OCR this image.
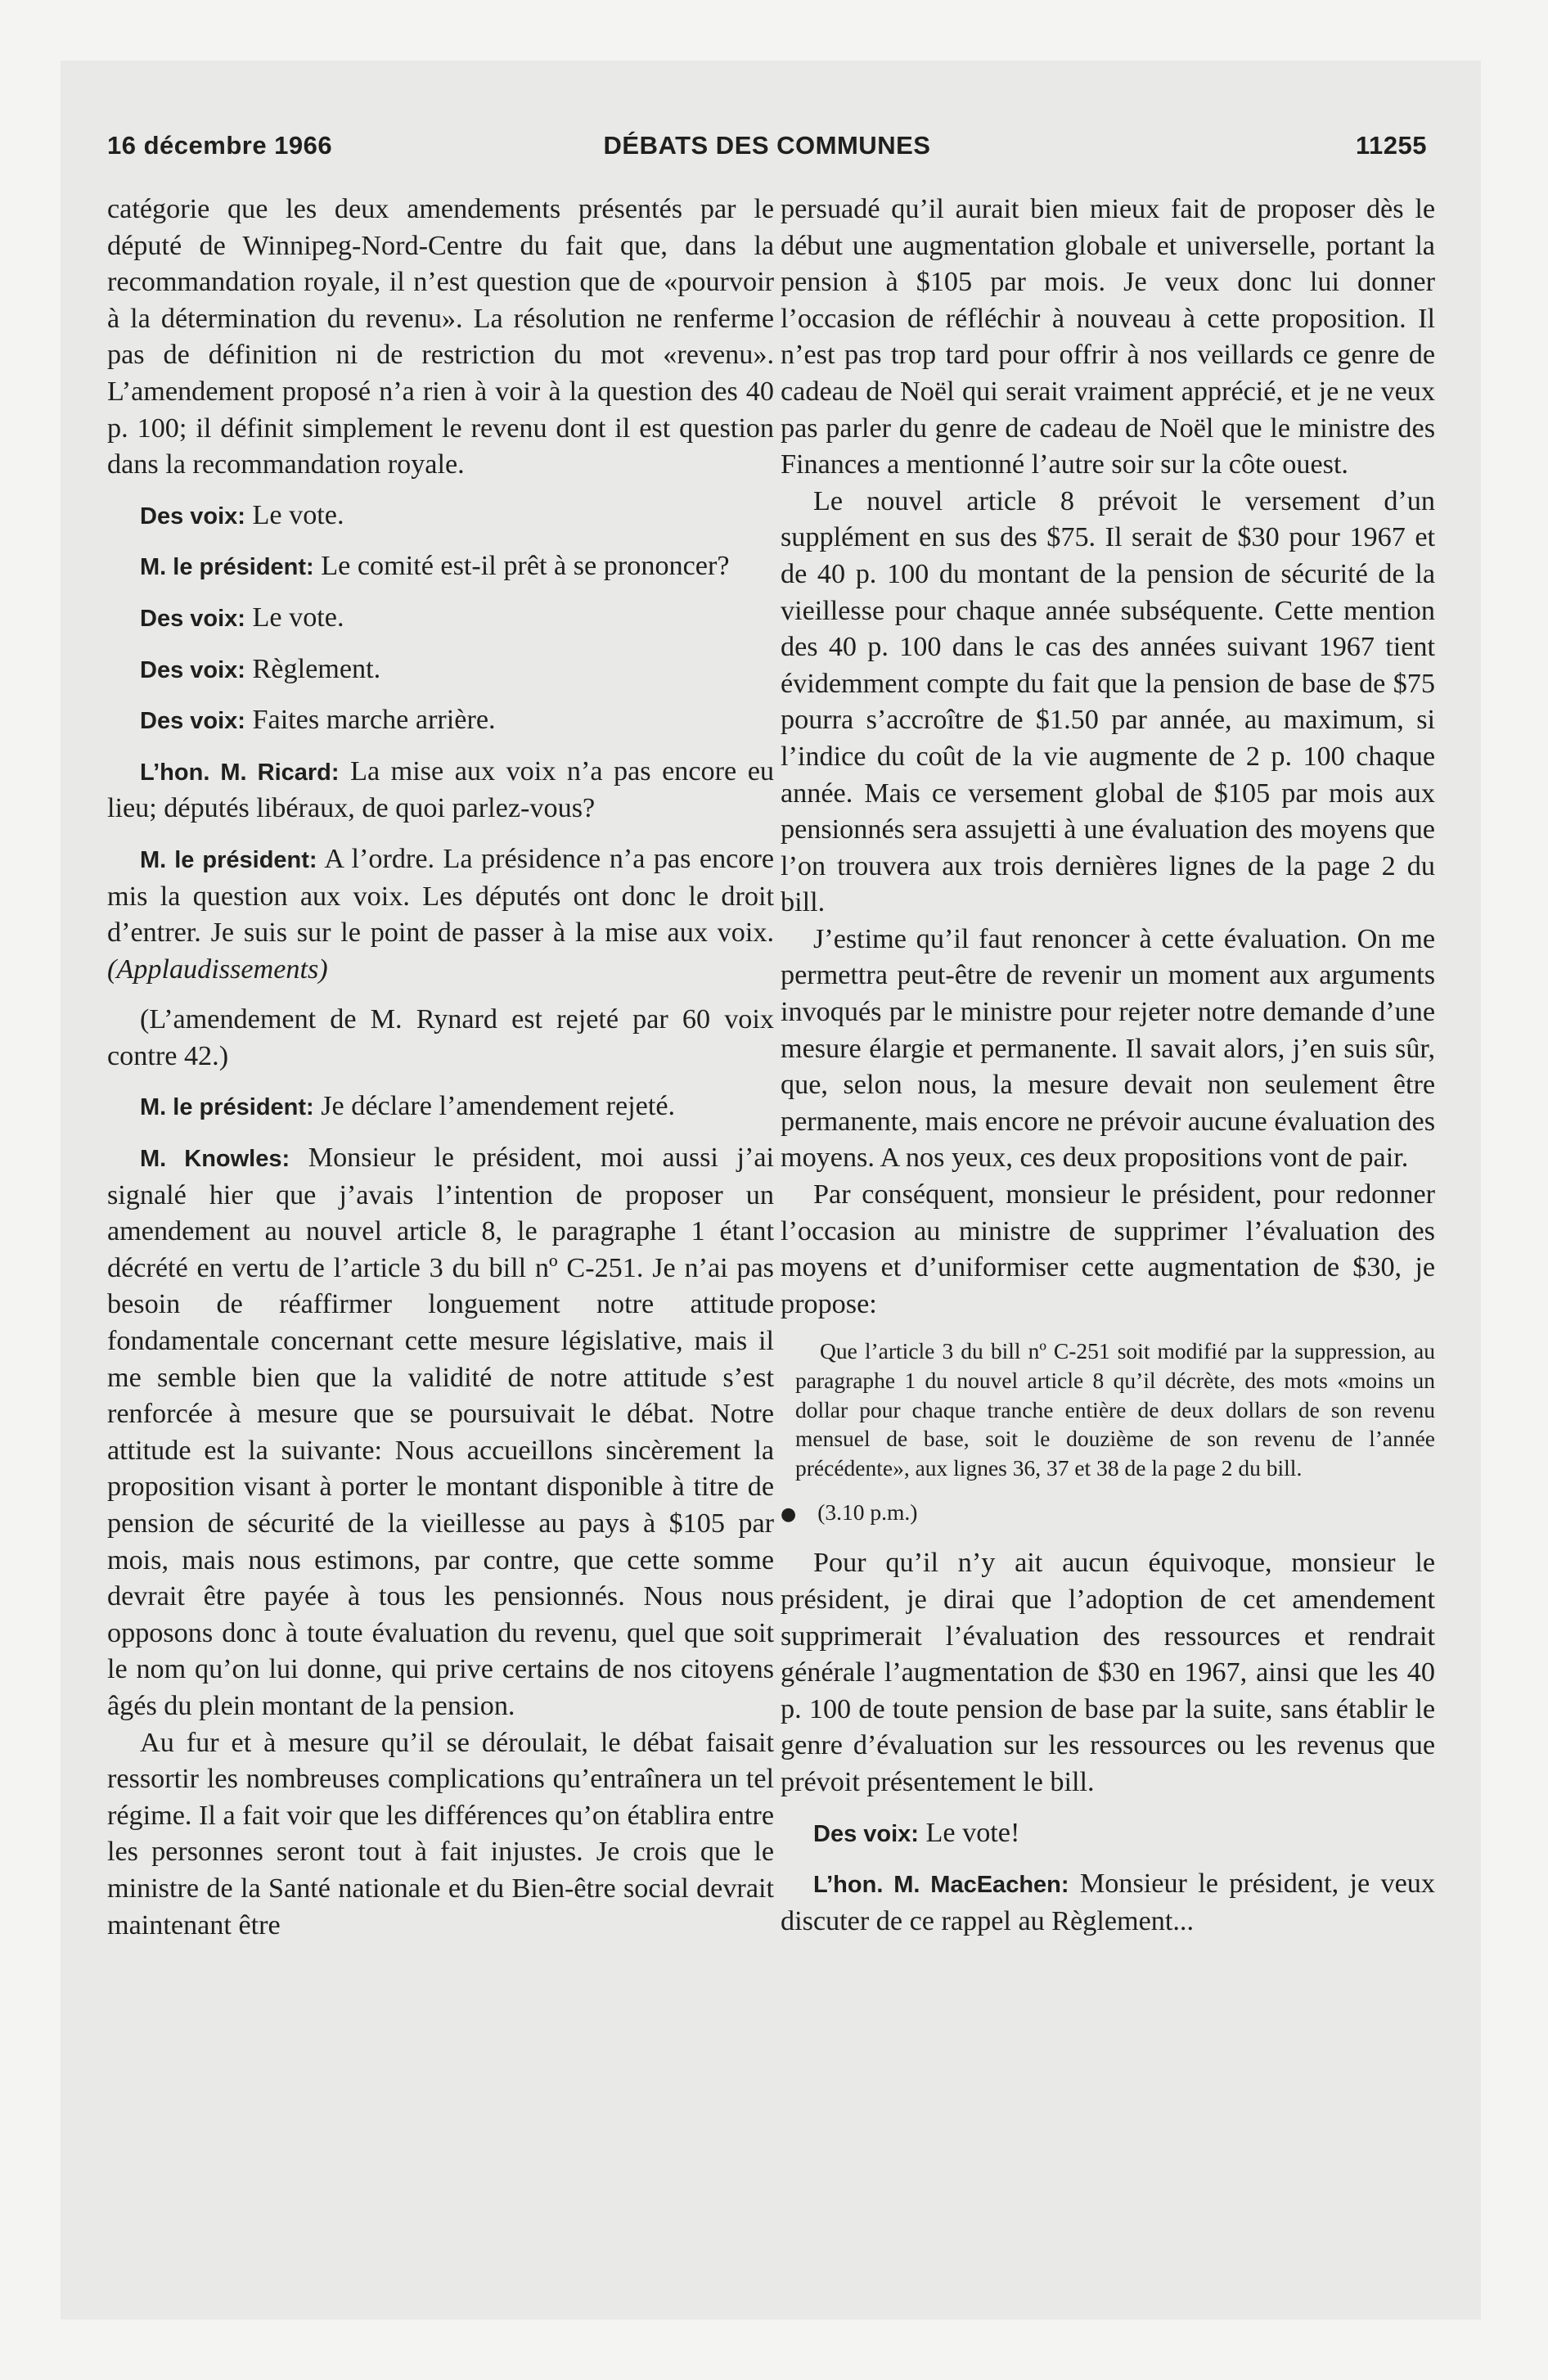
16 décembre 1966	DÉBATS DES COMMUNES	11255

catégorie que les deux amendements présentés par le député de Winnipeg-Nord-Centre du fait que, dans la recommandation royale, il n’est question que de «pourvoir à la détermination du revenu». La résolution ne renferme pas de définition ni de restriction du mot «revenu». L’amendement proposé n’a rien à voir à la question des 40 p. 100; il définit simplement le revenu dont il est question dans la recommandation royale.

Des voix: Le vote.

M. le président: Le comité est-il prêt à se prononcer?

Des voix: Le vote.

Des voix: Règlement.

Des voix: Faites marche arrière.

L’hon. M. Ricard: La mise aux voix n’a pas encore eu lieu; députés libéraux, de quoi parlez-vous?

M. le président: A l’ordre. La présidence n’a pas encore mis la question aux voix. Les députés ont donc le droit d’entrer. Je suis sur le point de passer à la mise aux voix. (Applaudissements)

(L’amendement de M. Rynard est rejeté par 60 voix contre 42.)

M. le président: Je déclare l’amendement rejeté.

M. Knowles: Monsieur le président, moi aussi j’ai signalé hier que j’avais l’intention de proposer un amendement au nouvel article 8, le paragraphe 1 étant décrété en vertu de l’article 3 du bill nº C-251. Je n’ai pas besoin de réaffirmer longuement notre attitude fondamentale concernant cette mesure législative, mais il me semble bien que la validité de notre attitude s’est renforcée à mesure que se poursuivait le débat. Notre attitude est la suivante: Nous accueillons sincèrement la proposition visant à porter le montant disponible à titre de pension de sécurité de la vieillesse au pays à $105 par mois, mais nous estimons, par contre, que cette somme devrait être payée à tous les pensionnés. Nous nous opposons donc à toute évaluation du revenu, quel que soit le nom qu’on lui donne, qui prive certains de nos citoyens âgés du plein montant de la pension.

Au fur et à mesure qu’il se déroulait, le débat faisait ressortir les nombreuses complications qu’entraînera un tel régime. Il a fait voir que les différences qu’on établira entre les personnes seront tout à fait injustes. Je crois que le ministre de la Santé nationale et du Bien-être social devrait maintenant être

persuadé qu’il aurait bien mieux fait de proposer dès le début une augmentation globale et universelle, portant la pension à $105 par mois. Je veux donc lui donner l’occasion de réfléchir à nouveau à cette proposition. Il n’est pas trop tard pour offrir à nos veillards ce genre de cadeau de Noël qui serait vraiment apprécié, et je ne veux pas parler du genre de cadeau de Noël que le ministre des Finances a mentionné l’autre soir sur la côte ouest.

Le nouvel article 8 prévoit le versement d’un supplément en sus des $75. Il serait de $30 pour 1967 et de 40 p. 100 du montant de la pension de sécurité de la vieillesse pour chaque année subséquente. Cette mention des 40 p. 100 dans le cas des années suivant 1967 tient évidemment compte du fait que la pension de base de $75 pourra s’accroître de $1.50 par année, au maximum, si l’indice du coût de la vie augmente de 2 p. 100 chaque année. Mais ce versement global de $105 par mois aux pensionnés sera assujetti à une évaluation des moyens que l’on trouvera aux trois dernières lignes de la page 2 du bill.

J’estime qu’il faut renoncer à cette évaluation. On me permettra peut-être de revenir un moment aux arguments invoqués par le ministre pour rejeter notre demande d’une mesure élargie et permanente. Il savait alors, j’en suis sûr, que, selon nous, la mesure devait non seulement être permanente, mais encore ne prévoir aucune évaluation des moyens. A nos yeux, ces deux propositions vont de pair.

Par conséquent, monsieur le président, pour redonner l’occasion au ministre de supprimer l’évaluation des moyens et d’uniformiser cette augmentation de $30, je propose:

Que l’article 3 du bill nº C-251 soit modifié par la suppression, au paragraphe 1 du nouvel article 8 qu’il décrète, des mots «moins un dollar pour chaque tranche entière de deux dollars de son revenu mensuel de base, soit le douzième de son revenu de l’année précédente», aux lignes 36, 37 et 38 de la page 2 du bill.

● (3.10 p.m.)

Pour qu’il n’y ait aucun équivoque, monsieur le président, je dirai que l’adoption de cet amendement supprimerait l’évaluation des ressources et rendrait générale l’augmentation de $30 en 1967, ainsi que les 40 p. 100 de toute pension de base par la suite, sans établir le genre d’évaluation sur les ressources ou les revenus que prévoit présentement le bill.

Des voix: Le vote!

L’hon. M. MacEachen: Monsieur le président, je veux discuter de ce rappel au Règlement...
